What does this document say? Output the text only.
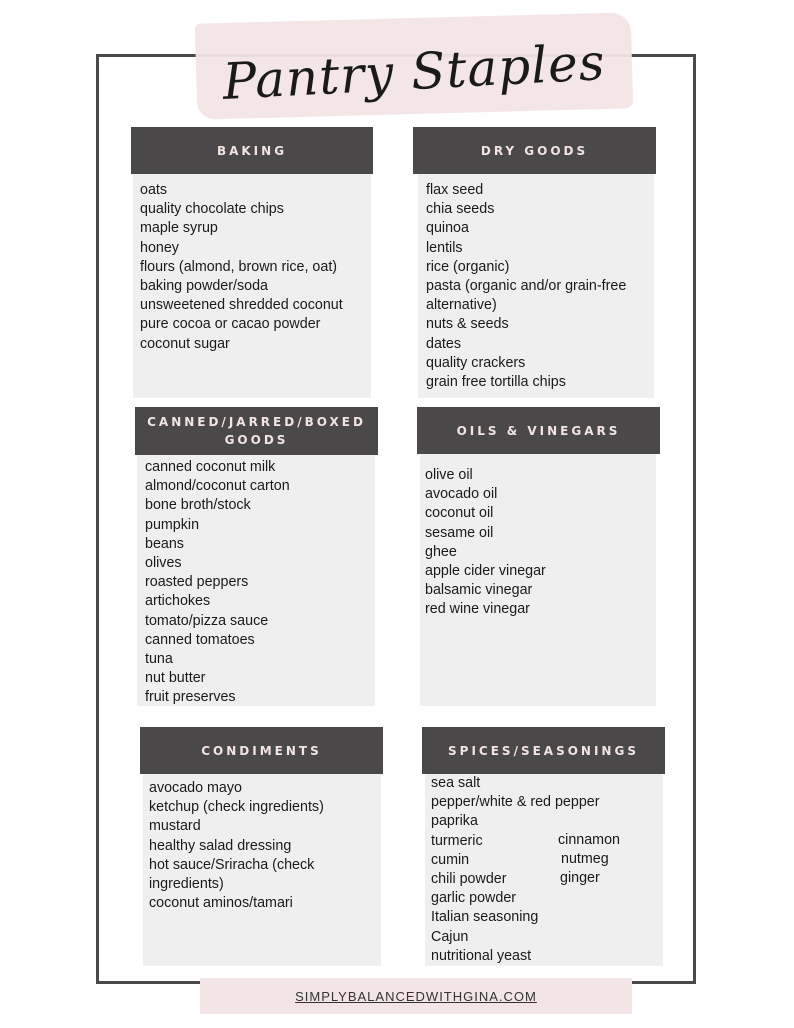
Pantry Staples
BAKING
oats
quality chocolate chips
maple syrup
honey
flours (almond, brown rice, oat)
baking powder/soda
unsweetened shredded coconut
pure cocoa or cacao powder
coconut sugar
DRY GOODS
flax seed
chia seeds
quinoa
lentils
rice (organic)
pasta (organic and/or grain-free alternative)
nuts & seeds
dates
quality crackers
grain free tortilla chips
CANNED/JARRED/BOXED GOODS
canned coconut milk
almond/coconut carton
bone broth/stock
pumpkin
beans
olives
roasted peppers
artichokes
tomato/pizza sauce
canned tomatoes
tuna
nut butter
fruit preserves
OILS & VINEGARS
olive oil
avocado oil
coconut oil
sesame oil
ghee
apple cider vinegar
balsamic vinegar
red wine vinegar
CONDIMENTS
avocado mayo
ketchup (check ingredients)
mustard
healthy salad dressing
hot sauce/Sriracha (check ingredients)
coconut aminos/tamari
SPICES/SEASONINGS
sea salt
pepper/white & red pepper
paprika
turmeric
cumin
chili powder
garlic powder
Italian seasoning
Cajun
nutritional yeast
cinnamon
nutmeg
ginger
SIMPLYBALANCEDWITHGINA.COM
